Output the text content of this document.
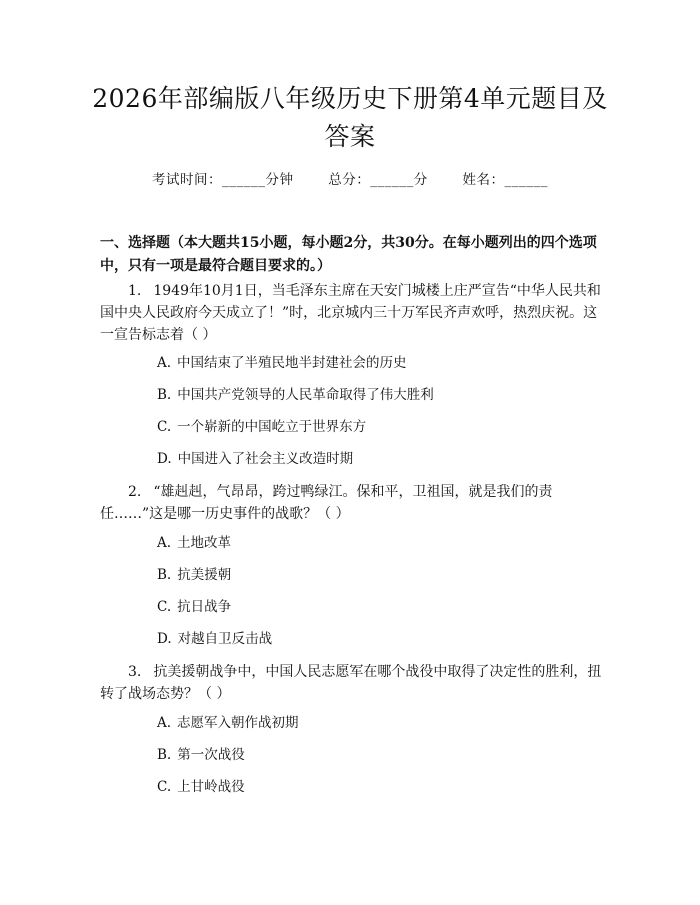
2026年部编版八年级历史下册第4单元题目及答案
考试时间：______分钟	总分：______分	姓名：______
一、选择题（本大题共15小题，每小题2分，共30分。在每小题列出的四个选项中，只有一项是最符合题目要求的。）
1. 1949年10月1日，当毛泽东主席在天安门城楼上庄严宣告“中华人民共和国中央人民政府今天成立了！”时，北京城内三十万军民齐声欢呼，热烈庆祝。这一宣告标志着（ ）
A. 中国结束了半殖民地半封建社会的历史
B. 中国共产党领导的人民革命取得了伟大胜利
C. 一个崭新的中国屹立于世界东方
D. 中国进入了社会主义改造时期
2. “雄赳赳，气昂昂，跨过鸭绿江。保和平，卫祖国，就是我们的责任……”这是哪一历史事件的战歌？（ ）
A. 土地改革
B. 抗美援朝
C. 抗日战争
D. 对越自卫反击战
3. 抗美援朝战争中，中国人民志愿军在哪个战役中取得了决定性的胜利，扭转了战场态势？（ ）
A. 志愿军入朝作战初期
B. 第一次战役
C. 上甘岭战役
